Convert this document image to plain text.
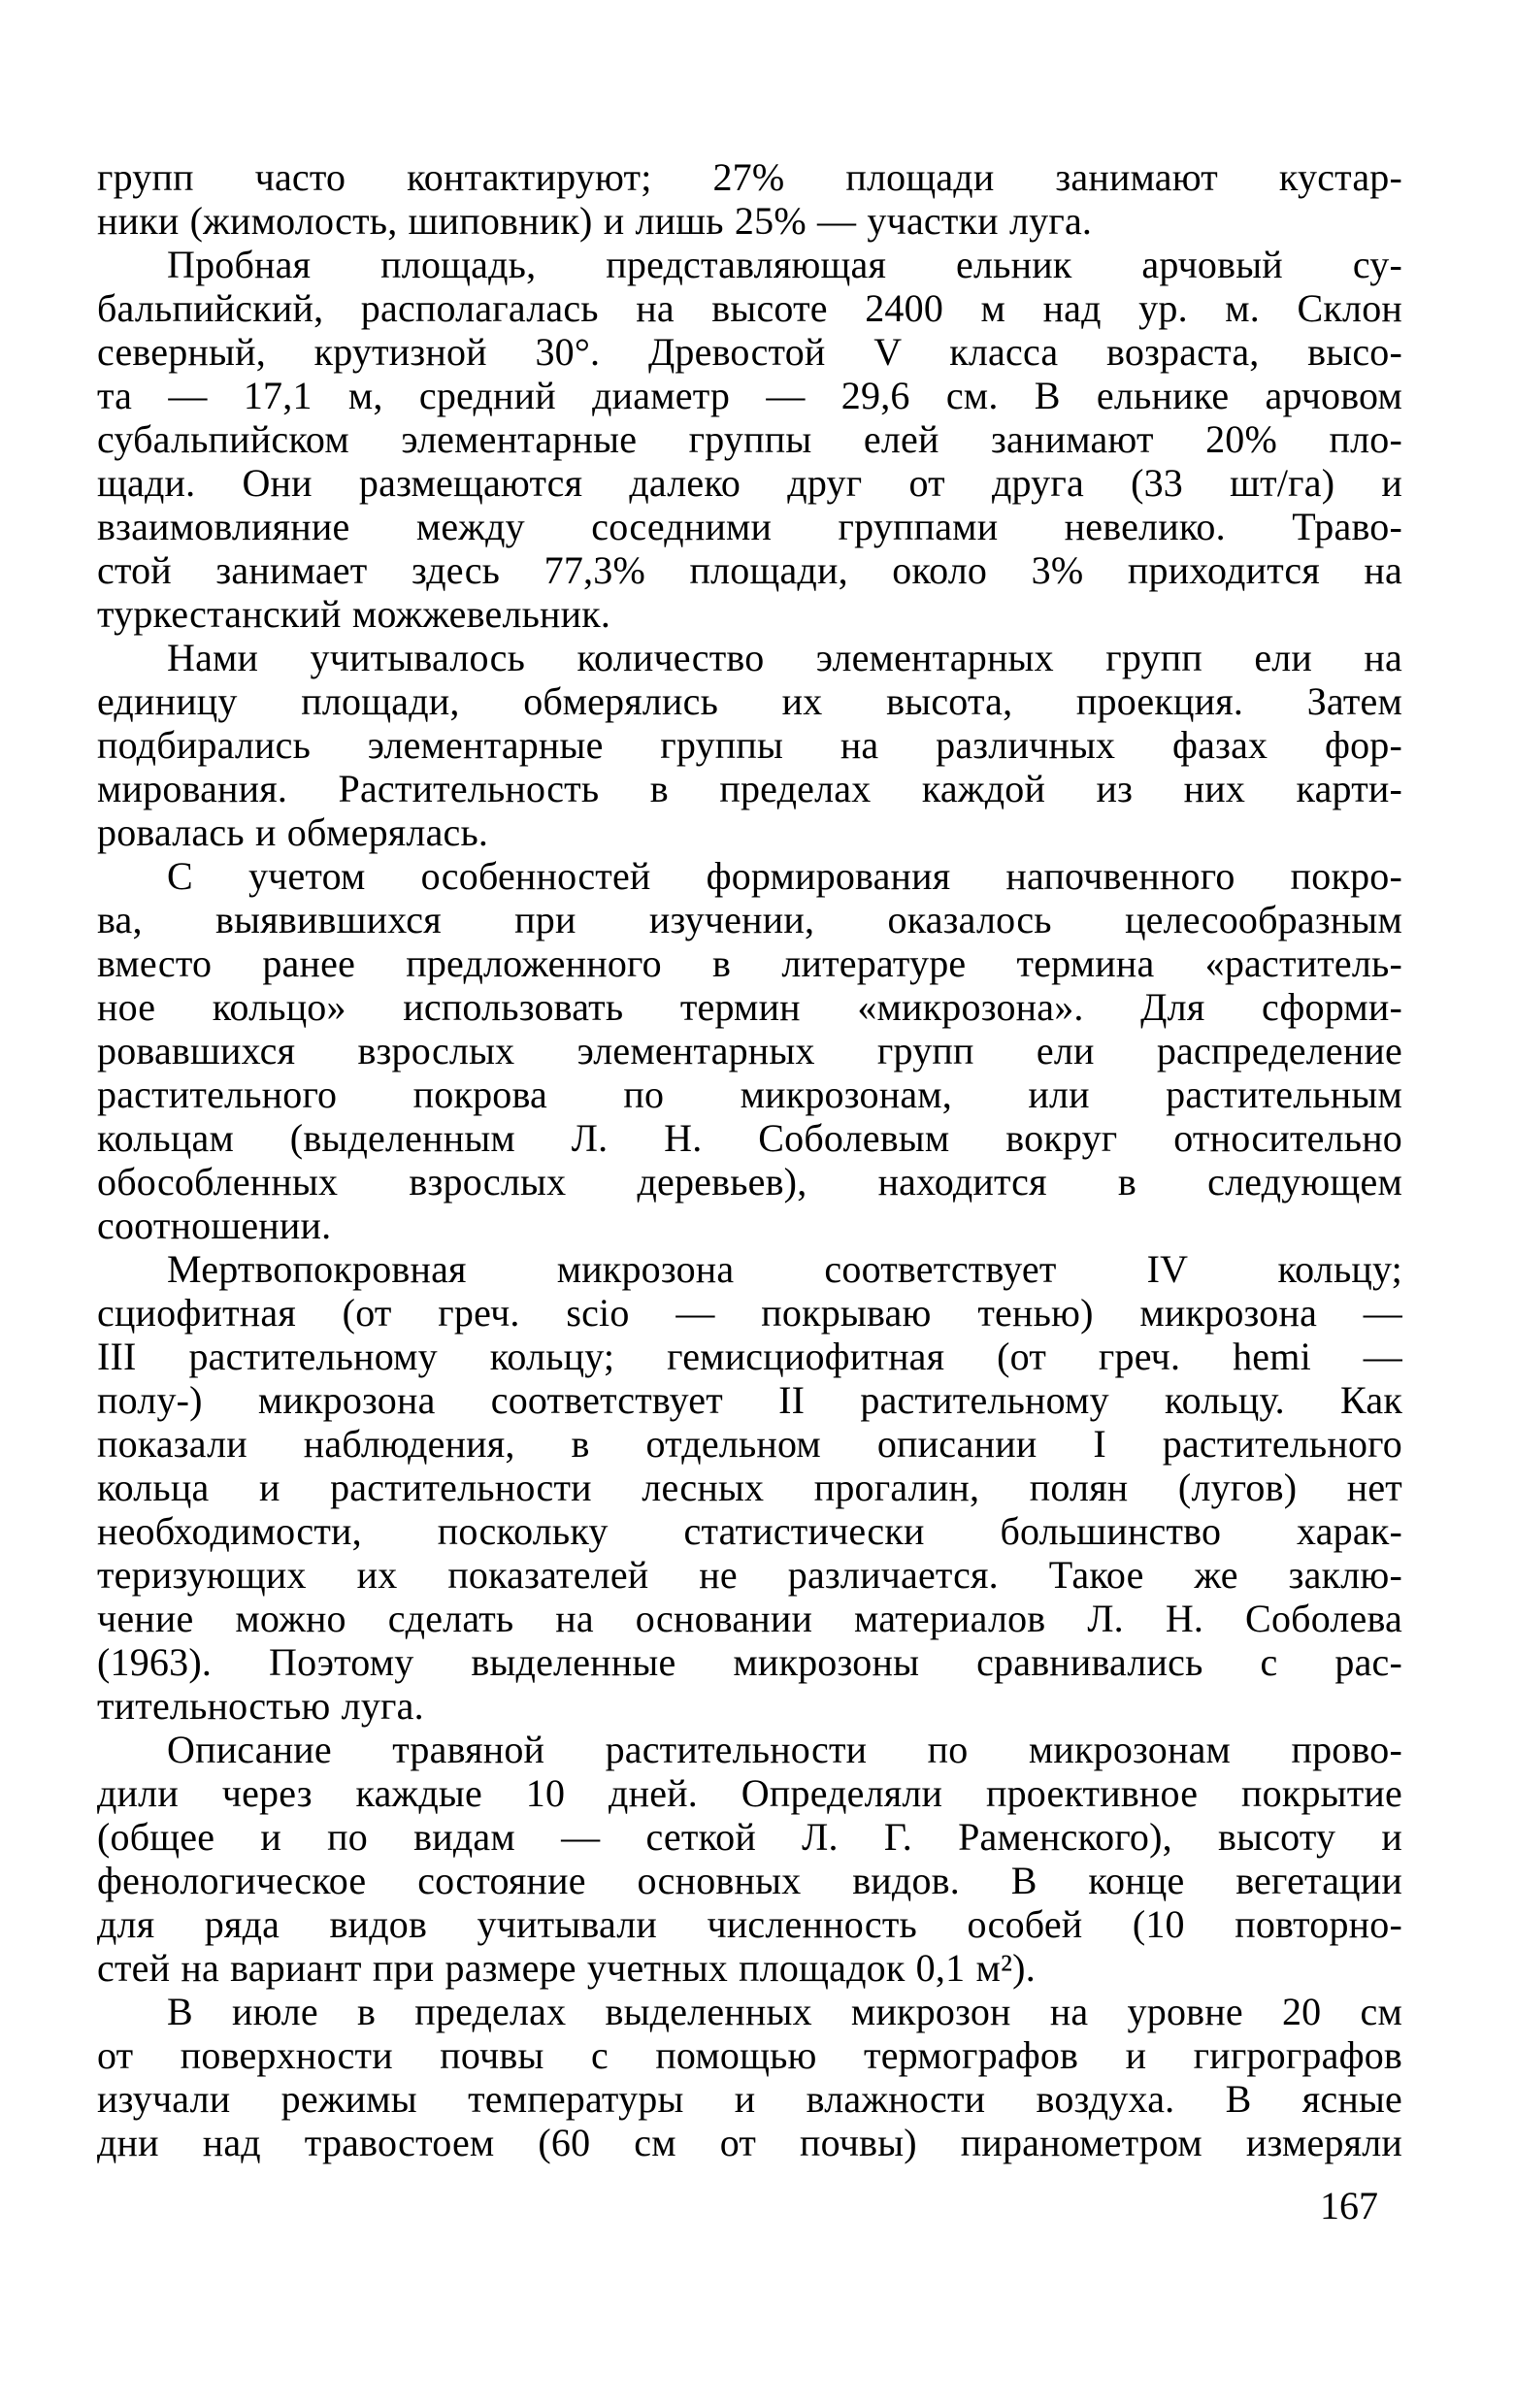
групп часто контактируют; 27% площади занимают кустар-
ники (жимолость, шиповник) и лишь 25% — участки луга.
Пробная площадь, представляющая ельник арчовый су-
бальпийский, располагалась на высоте 2400 м над ур. м. Склон
северный, крутизной 30°. Древостой V класса возраста, высо-
та — 17,1 м, средний диаметр — 29,6 см. В ельнике арчовом
субальпийском элементарные группы елей занимают 20% пло-
щади. Они размещаются далеко друг от друга (33 шт/га) и
взаимовлияние между соседними группами невелико. Траво-
стой занимает здесь 77,3% площади, около 3% приходится на
туркестанский можжевельник.
Нами учитывалось количество элементарных групп ели на
единицу площади, обмерялись их высота, проекция. Затем
подбирались элементарные группы на различных фазах фор-
мирования. Растительность в пределах каждой из них карти-
ровалась и обмерялась.
С учетом особенностей формирования напочвенного покро-
ва, выявившихся при изучении, оказалось целесообразным
вместо ранее предложенного в литературе термина «раститель-
ное кольцо» использовать термин «микрозона». Для сформи-
ровавшихся взрослых элементарных групп ели распределение
растительного покрова по микрозонам, или растительным
кольцам (выделенным Л. Н. Соболевым вокруг относительно
обособленных взрослых деревьев), находится в следующем
соотношении.
Мертвопокровная микрозона соответствует IV кольцу;
сциофитная (от греч. scio — покрываю тенью) микрозона —
III растительному кольцу; гемисциофитная (от греч. hemi —
полу-) микрозона соответствует II растительному кольцу. Как
показали наблюдения, в отдельном описании I растительного
кольца и растительности лесных прогалин, полян (лугов) нет
необходимости, поскольку статистически большинство харак-
теризующих их показателей не различается. Такое же заклю-
чение можно сделать на основании материалов Л. Н. Соболева
(1963). Поэтому выделенные микрозоны сравнивались с рас-
тительностью луга.
Описание травяной растительности по микрозонам прово-
дили через каждые 10 дней. Определяли проективное покрытие
(общее и по видам — сеткой Л. Г. Раменского), высоту и
фенологическое состояние основных видов. В конце вегетации
для ряда видов учитывали численность особей (10 повторно-
стей на вариант при размере учетных площадок 0,1 м²).
В июле в пределах выделенных микрозон на уровне 20 см
от поверхности почвы с помощью термографов и гигрографов
изучали режимы температуры и влажности воздуха. В ясные
дни над травостоем (60 см от почвы) пиранометром измеряли
167
